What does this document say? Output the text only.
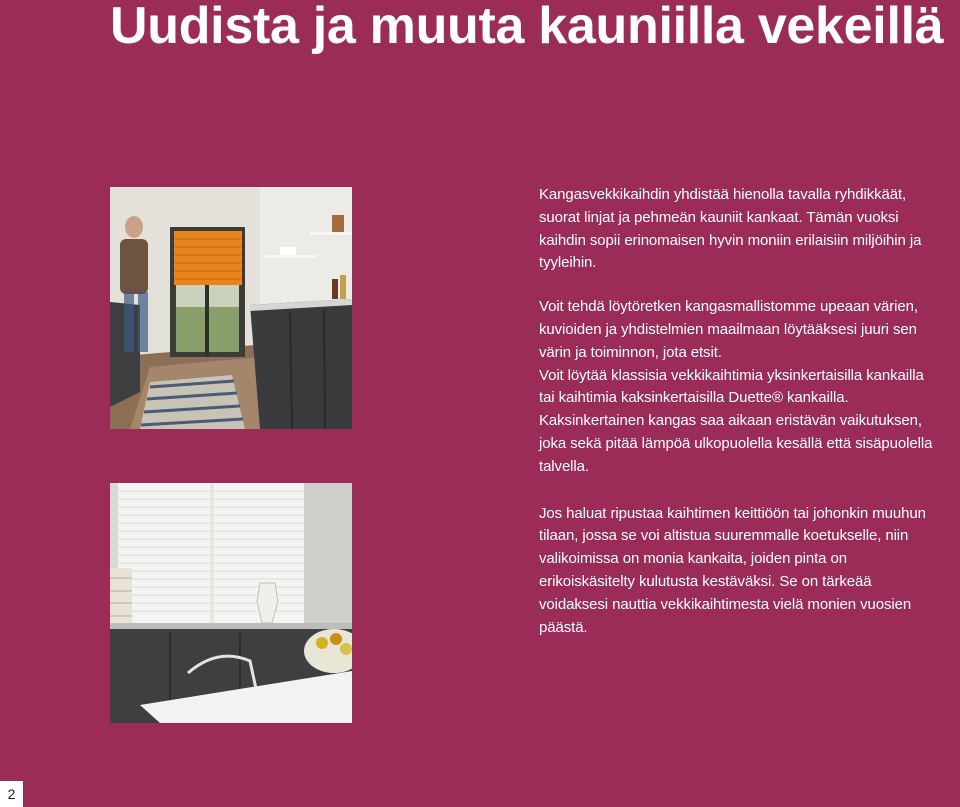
Uudista ja muuta kauniilla vekeillä

Kangasvekkikaihdin yhdistää hienolla tavalla ryhdikkäät, suorat linjat ja pehmeän kauniit kankaat. Tämän vuoksi kaihdin sopii erinomaisen hyvin moniin erilaisiin miljöihin ja tyyleihin.

Voit tehdä löytöretken kangasmallistomme upeaan värien, kuvioiden ja yhdistelmien maailmaan löytääksesi juuri sen värin ja toiminnon, jota etsit.

Voit löytää klassisia vekkikaihtimia yksinkertaisilla kankailla tai kaihtimia kaksinkertaisilla Duette® kankailla. Kaksinkertainen kangas saa aikaan eristävän vaikutuksen, joka sekä pitää lämpöä ulkopuolella kesällä että sisäpuolella talvella.

Jos haluat ripustaa kaihtimen keittiöön tai johonkin muuhun tilaan, jossa se voi altistua suuremmalle koetukselle, niin valikoimissa on monia kankaita, joiden pinta on erikoiskäsitelty kulutusta kestäväksi. Se on tärkeää voidaksesi nauttia vekkikaihtimesta vielä monien vuosien päästä.

2
